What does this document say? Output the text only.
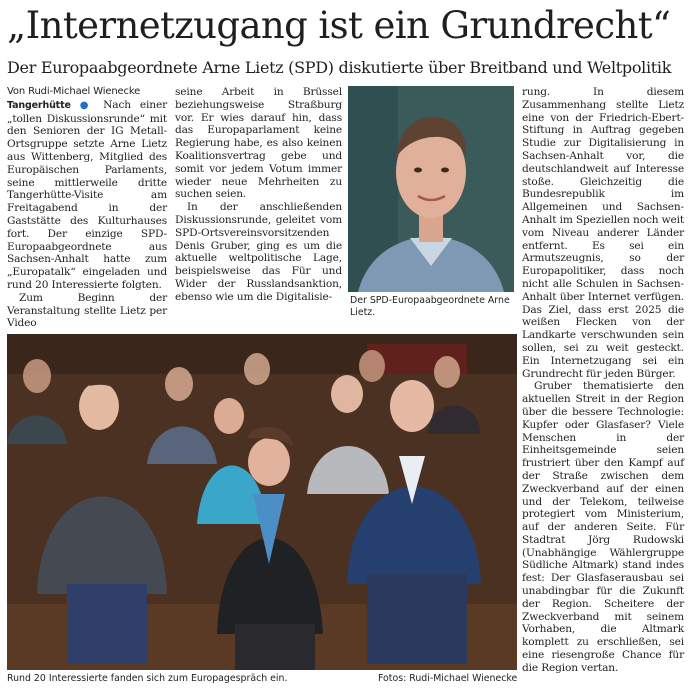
„Internetzugang ist ein Grundrecht“
Der Europaabgeordnete Arne Lietz (SPD) diskutierte über Breitband und Weltpolitik
Von Rudi-Michael Wienecke

Tangerhütte ● Nach einer „tollen Diskussionsrunde“ mit den Senioren der IG Metall-Ortsgruppe setzte Arne Lietz aus Wittenberg, Mitglied des Europäischen Parlaments, seine mittlerweile dritte Tangerhütte-Visite am Freitagabend in der Gaststätte des Kulturhauses fort. Der einzige SPD-Europaabgeordnete aus Sachsen-Anhalt hatte zum „Europatalk“ eingeladen und rund 20 Interessierte folgten.

Zum Beginn der Veranstaltung stellte Lietz per Video

seine Arbeit in Brüssel beziehungsweise Straßburg vor. Er wies darauf hin, dass das Europaparlament keine Regierung habe, es also keinen Koalitionsvertrag gebe und somit vor jedem Votum immer wieder neue Mehrheiten zu suchen seien.

In der anschließenden Diskussionsrunde, geleitet vom SPD-Ortsvereinsvorsitzenden Denis Gruber, ging es um die aktuelle weltpolitische Lage, beispielsweise das Für und Wider der Russlandsanktion, ebenso wie um die Digitalisie-	Der SPD-Europaabgeordnete Arne Lietz.

rung. In diesem Zusammenhang stellte Lietz eine von der Friedrich-Ebert-Stiftung in Auftrag gegeben Studie zur Digitalisierung in Sachsen-Anhalt vor, die deutschlandweit auf Interesse stoße. Gleichzeitig die Bundesrepublik im Allgemeinen und Sachsen-Anhalt im Speziellen noch weit vom Niveau anderer Länder entfernt. Es sei ein Armutszeugnis, so der Europapolitiker, dass noch nicht alle Schulen in Sachsen-Anhalt über Internet verfügen. Das Ziel, dass erst 2025 die weißen Flecken von der Landkarte verschwunden sein sollen, sei zu weit gesteckt. Ein Internetzugang sei ein Grundrecht für jeden Bürger.

Gruber thematisierte den aktuellen Streit in der Region über die bessere Technologie: Kupfer oder Glasfaser? Viele Menschen in der Einheitsgemeinde seien frustriert über den Kampf auf der Straße zwischen dem Zweckverband auf der einen und der Telekom, teilweise protegiert vom Ministerium, auf der anderen Seite. Für Stadtrat Jörg Rudowski (Unabhängige Wählergruppe Südliche Altmark) stand indes fest: Der Glasfaserausbau sei unabdingbar für die Zukunft der Region. Scheitere der Zweckverband mit seinem Vorhaben, die Altmark komplett zu erschließen, sei eine riesengroße Chance für die Region vertan.

Rund 20 Interessierte fanden sich zum Europagespräch ein.	Fotos: Rudi-Michael Wienecke
